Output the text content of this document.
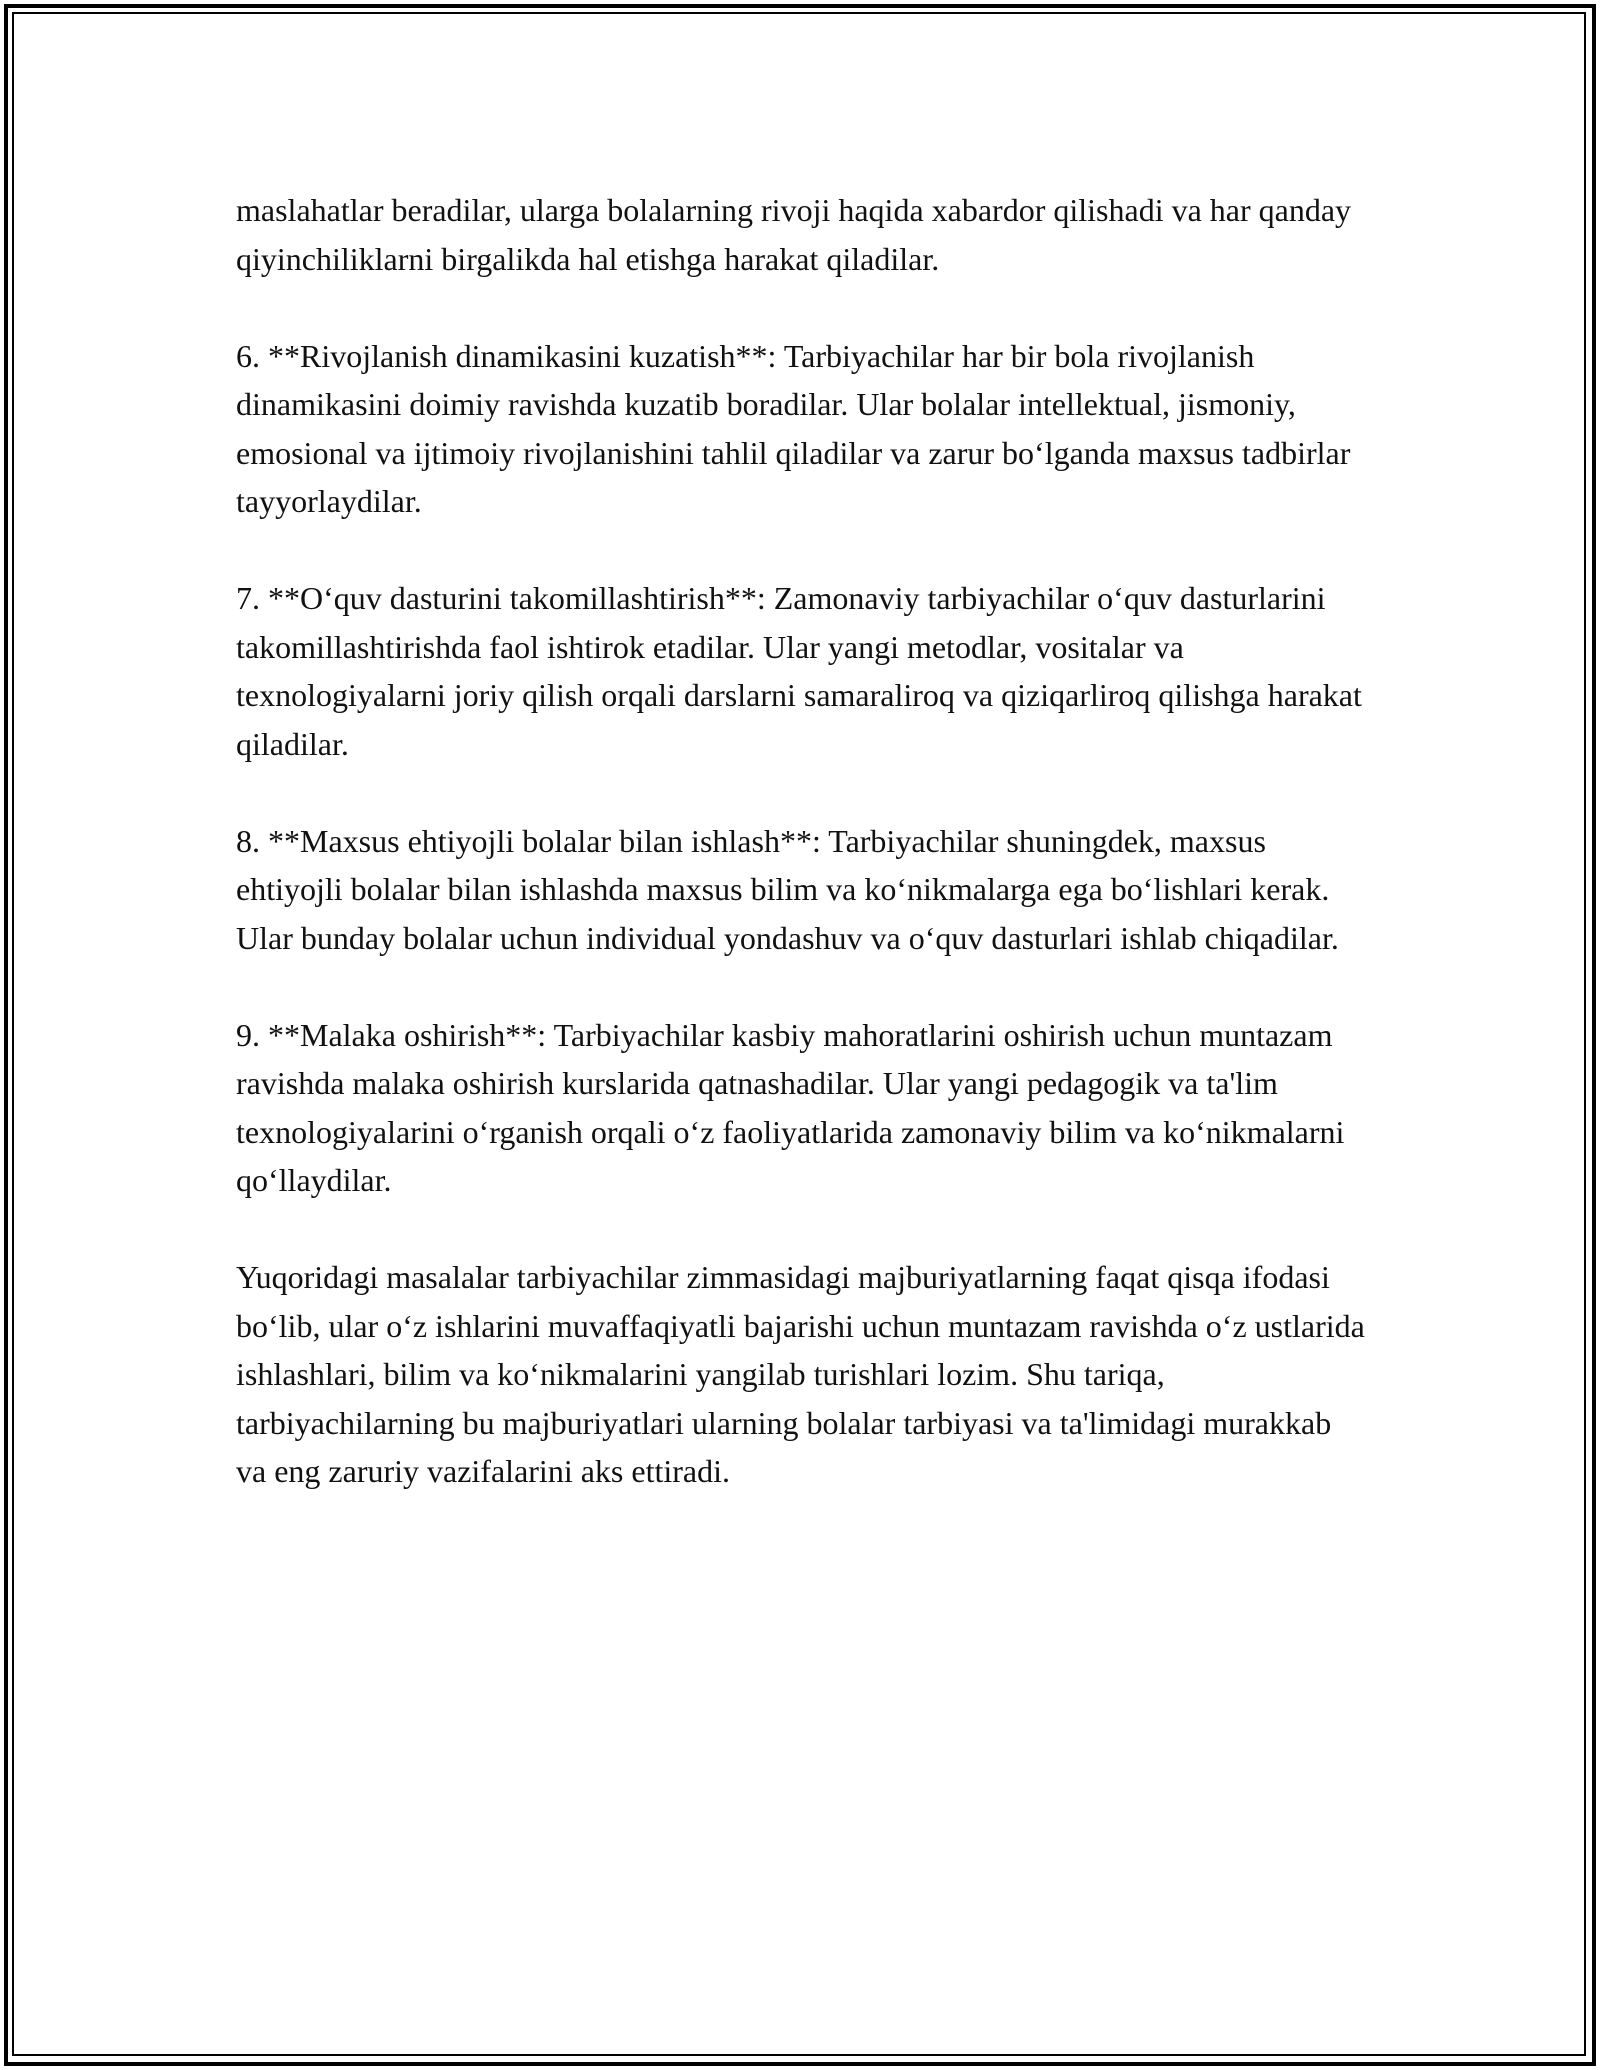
maslahatlar beradilar, ularga bolalarning rivoji haqida xabardor qilishadi va har qanday qiyinchiliklarni birgalikda hal etishga harakat qiladilar.

6. **Rivojlanish dinamikasini kuzatish**: Tarbiyachilar har bir bola rivojlanish dinamikasini doimiy ravishda kuzatib boradilar. Ular bolalar intellektual, jismoniy, emosional va ijtimoiy rivojlanishini tahlil qiladilar va zarur bo‘lganda maxsus tadbirlar tayyorlaydilar.

7. **O‘quv dasturini takomillashtirish**: Zamonaviy tarbiyachilar o‘quv dasturlarini takomillashtirishda faol ishtirok etadilar. Ular yangi metodlar, vositalar va texnologiyalarni joriy qilish orqali darslarni samaraliroq va qiziqarliroq qilishga harakat qiladilar.

8. **Maxsus ehtiyojli bolalar bilan ishlash**: Tarbiyachilar shuningdek, maxsus ehtiyojli bolalar bilan ishlashda maxsus bilim va ko‘nikmalarga ega bo‘lishlari kerak. Ular bunday bolalar uchun individual yondashuv va o‘quv dasturlari ishlab chiqadilar.

9. **Malaka oshirish**: Tarbiyachilar kasbiy mahoratlarini oshirish uchun muntazam ravishda malaka oshirish kurslarida qatnashadilar. Ular yangi pedagogik va ta'lim texnologiyalarini o‘rganish orqali o‘z faoliyatlarida zamonaviy bilim va ko‘nikmalarni qo‘llaydilar.

Yuqoridagi masalalar tarbiyachilar zimmasidagi majburiyatlarning faqat qisqa ifodasi bo‘lib, ular o‘z ishlarini muvaffaqiyatli bajarishi uchun muntazam ravishda o‘z ustlarida ishlashlari, bilim va ko‘nikmalarini yangilab turishlari lozim. Shu tariqa, tarbiyachilarning bu majburiyatlari ularning bolalar tarbiyasi va ta'limidagi murakkab va eng zaruriy vazifalarini aks ettiradi.
